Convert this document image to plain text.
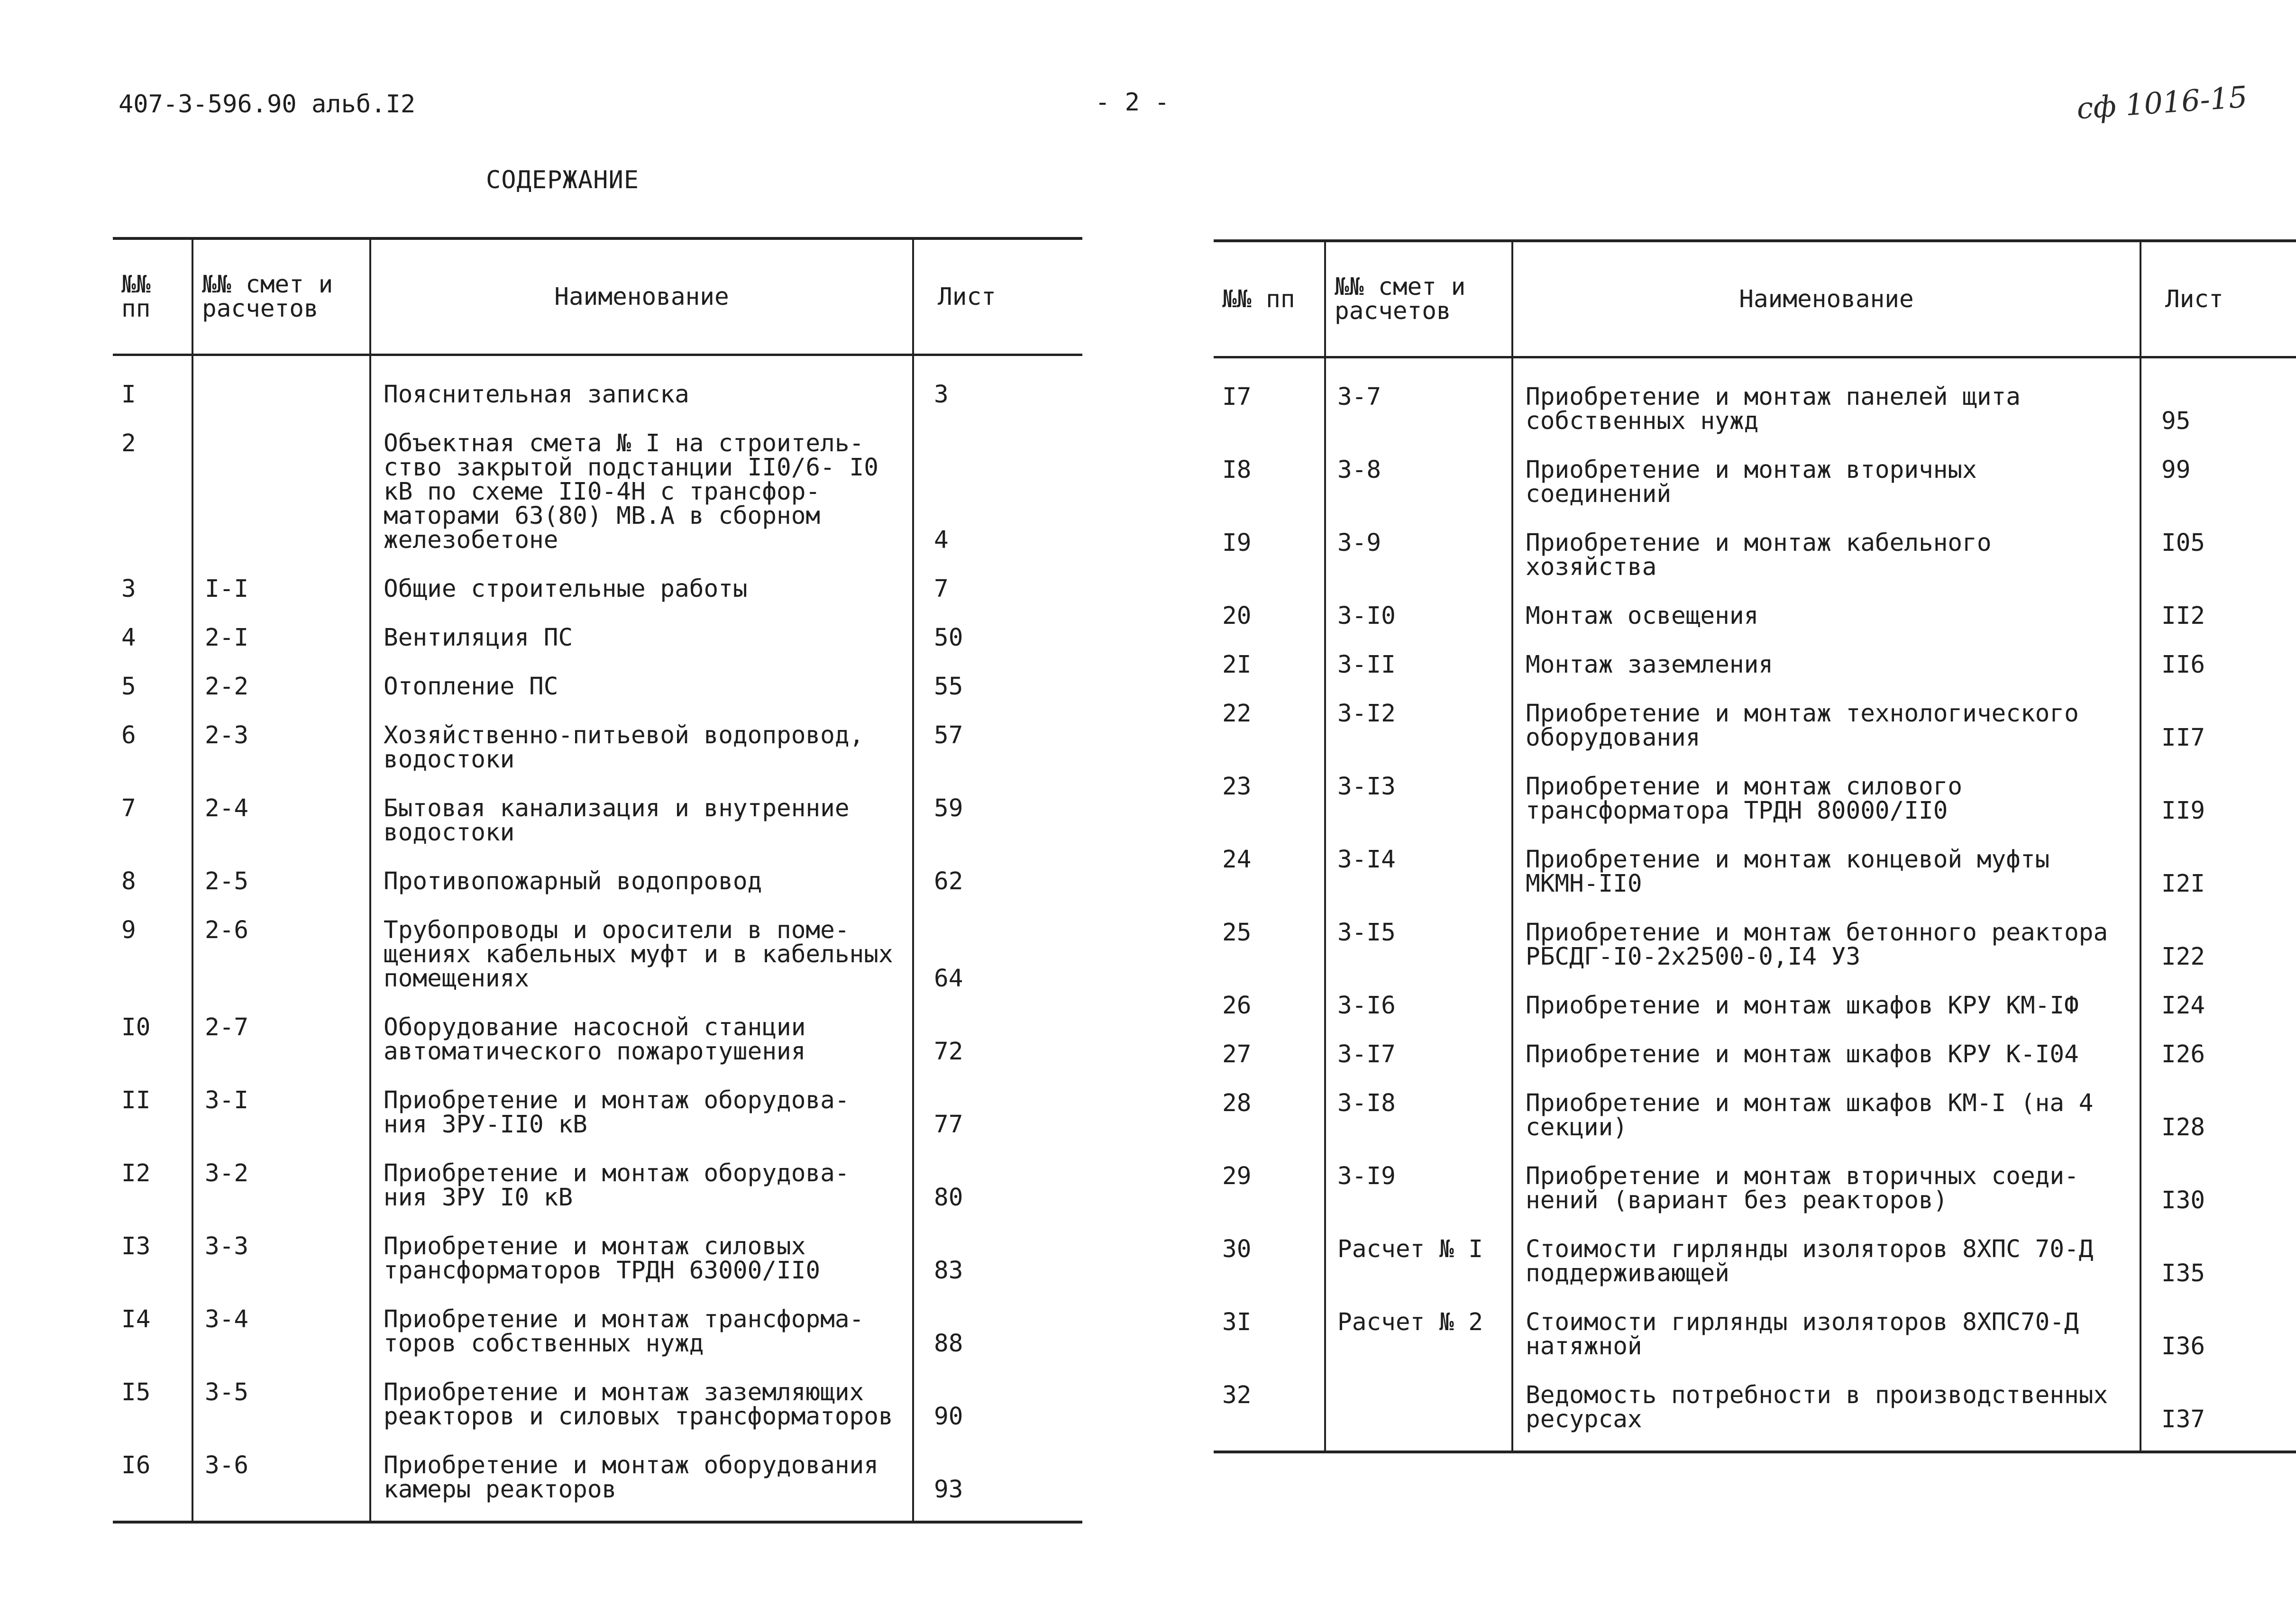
407-3-596.90 альб.I2	- 2 -	сф 1016-15
СОДЕРЖАНИЕ
№№ пп	№№ смет и расчетов	Наименование	Лист
I		Пояснительная записка	3
2		Объектная смета № I на строитель- ство закрытой подстанции II0/6- I0 кВ по схеме II0-4Н с трансфор- маторами 63(80) МВ.А в сборном железобетоне	4
3	I-I	Общие строительные работы	7
4	2-I	Вентиляция ПС	50
5	2-2	Отопление ПС	55
6	2-3	Хозяйственно-питьевой водопровод, водостоки	57
7	2-4	Бытовая канализация и внутренние водостоки	59
8	2-5	Противопожарный водопровод	62
9	2-6	Трубопроводы и оросители в поме- щениях кабельных муфт и в кабельных помещениях	64
I0	2-7	Оборудование насосной станции автоматического пожаротушения	72
II	3-I	Приобретение и монтаж оборудова- ния ЗРУ-II0 кВ	77
I2	3-2	Приобретение и монтаж оборудова- ния ЗРУ I0 кВ	80
I3	3-3	Приобретение и монтаж силовых трансформаторов ТРДН 63000/II0	83
I4	3-4	Приобретение и монтаж трансформа- торов собственных нужд	88
I5	3-5	Приобретение и монтаж заземляющих реакторов и силовых трансформаторов	90
I6	3-6	Приобретение и монтаж оборудования камеры реакторов	93
№№ пп	№№ смет и расчетов	Наименование	Лист
I7	3-7	Приобретение и монтаж панелей щита собственных нужд	95
I8	3-8	Приобретение и монтаж вторичных соединений	99
I9	3-9	Приобретение и монтаж кабельного хозяйства	I05
20	3-I0	Монтаж освещения	II2
2I	3-II	Монтаж заземления	II6
22	3-I2	Приобретение и монтаж технологического оборудования	II7
23	3-I3	Приобретение и монтаж силового трансформатора ТРДН 80000/II0	II9
24	3-I4	Приобретение и монтаж концевой муфты МКМН-II0	I2I
25	3-I5	Приобретение и монтаж бетонного реактора РБСДГ-I0-2х2500-0,I4 УЗ	I22
26	3-I6	Приобретение и монтаж шкафов КРУ КМ-IФ	I24
27	3-I7	Приобретение и монтаж шкафов КРУ К-I04	I26
28	3-I8	Приобретение и монтаж шкафов КМ-I (на 4 секции)	I28
29	3-I9	Приобретение и монтаж вторичных соеди- нений (вариант без реакторов)	I30
30	Расчет № I	Стоимости гирлянды изоляторов 8ХПС 70-Д поддерживающей	I35
3I	Расчет № 2	Стоимости гирлянды изоляторов 8ХПС70-Д натяжной	I36
32		Ведомость потребности в производственных ресурсах	I37
